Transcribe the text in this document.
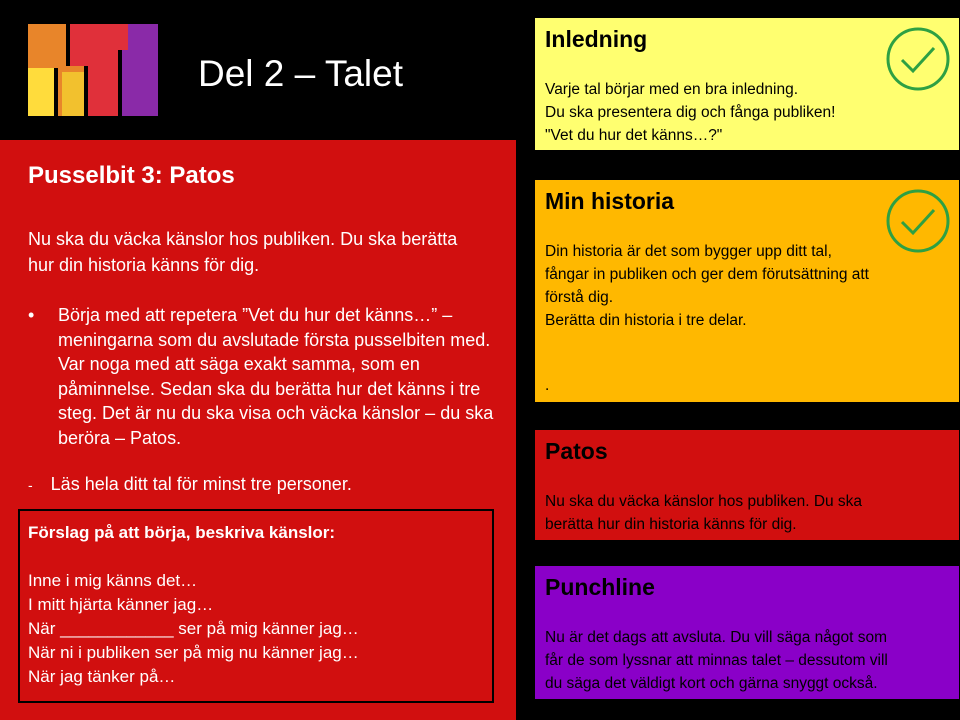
Del 2 – Talet
Pusselbit 3: Patos

Nu ska du väcka känslor hos publiken. Du ska berätta hur din historia känns för dig.

• Börja med att repetera ”Vet du hur det känns…” – meningarna som du avslutade första pusselbiten med. Var noga med att säga exakt samma, som en påminnelse. Sedan ska du berätta hur det känns i tre steg. Det är nu du ska visa och väcka känslor – du ska beröra – Patos.
- Läs hela ditt tal för minst tre personer.
Förslag på att börja, beskriva känslor:
Inne i mig känns det…
I mitt hjärta känner jag…
När ____________ ser på mig känner jag…
När ni i publiken ser på mig nu känner jag…
När jag tänker på…
Inledning
Varje tal börjar med en bra inledning.
Du ska presentera dig och fånga publiken!
"Vet du hur det känns…?"
Min historia
Din historia är det som bygger upp ditt tal,
fångar in publiken och ger dem förutsättning att
förstå dig.
Berätta din historia i tre delar.
.
Patos
Nu ska du väcka känslor hos publiken. Du ska
berätta hur din historia känns för dig.
Punchline
Nu är det dags att avsluta. Du vill säga något som
får de som lyssnar att minnas talet – dessutom vill
du säga det väldigt kort och gärna snyggt också.
